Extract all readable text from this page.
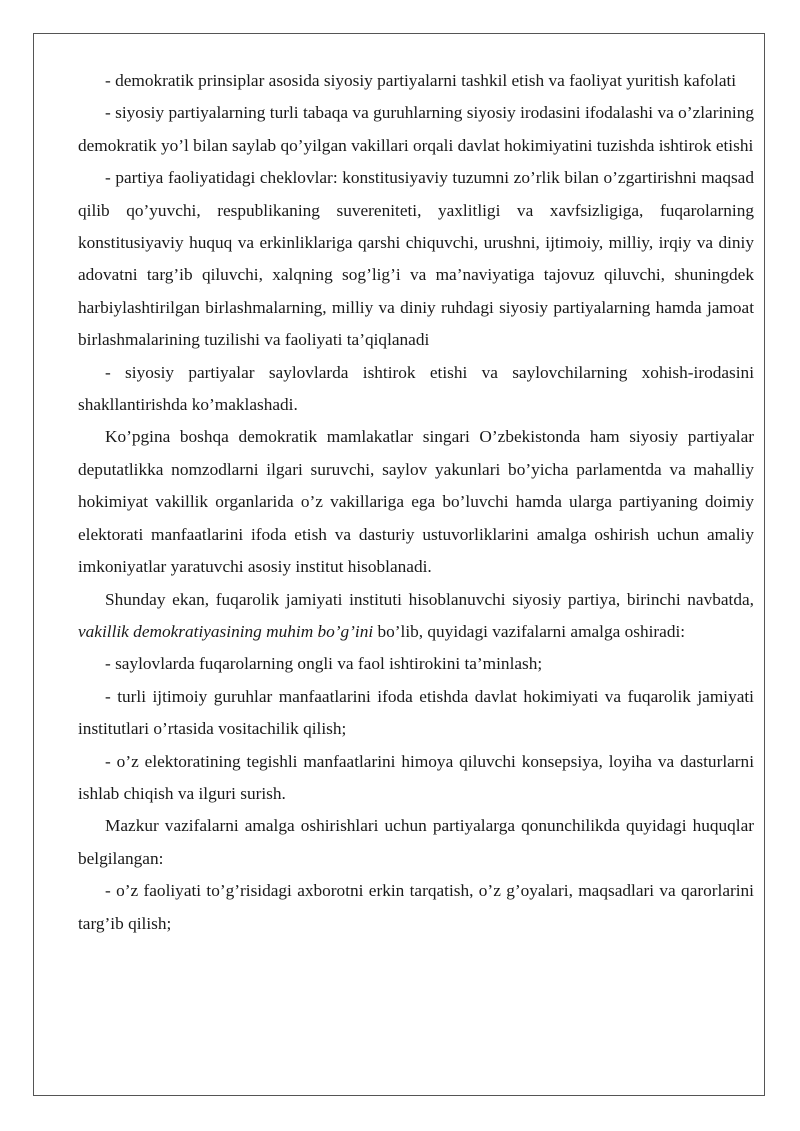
- demokratik prinsiplar asosida siyosiy partiyalarni tashkil etish va faoliyat yuritish kafolati

- siyosiy partiyalarning turli tabaqa va guruhlarning siyosiy irodasini ifodalashi va o’zlarining demokratik yo’l bilan saylab qo’yilgan vakillari orqali davlat hokimiyatini tuzishda ishtirok etishi

- partiya faoliyatidagi cheklovlar: konstitusiyaviy tuzumni zo’rlik bilan o’zgartirishni maqsad qilib qo’yuvchi, respublikaning suvereniteti, yaxlitligi va xavfsizligiga, fuqarolarning konstitusiyaviy huquq va erkinliklariga qarshi chiquvchi, urushni, ijtimoiy, milliy, irqiy va diniy adovatni targ’ib qiluvchi, xalqning sog’lig’i va ma’naviyatiga tajovuz qiluvchi, shuningdek harbiylashtirilgan birlashmalarning, milliy va diniy ruhdagi siyosiy partiyalarning hamda jamoat birlashmalarining tuzilishi va faoliyati ta’qiqlanadi

- siyosiy partiyalar saylovlarda ishtirok etishi va saylovchilarning xohish-irodasini shakllantirishda ko’maklashadi.

Ko’pgina boshqa demokratik mamlakatlar singari O’zbekistonda ham siyosiy partiyalar deputatlikka nomzodlarni ilgari suruvchi, saylov yakunlari bo’yicha parlamentda va mahalliy hokimiyat vakillik organlarida o’z vakillariga ega bo’luvchi hamda ularga partiyaning doimiy elektorati manfaatlarini ifoda etish va dasturiy ustuvorliklarini amalga oshirish uchun amaliy imkoniyatlar yaratuvchi asosiy institut hisoblanadi.

Shunday ekan, fuqarolik jamiyati instituti hisoblanuvchi siyosiy partiya, birinchi navbatda, vakillik demokratiyasining muhim bo’g’ini bo’lib, quyidagi vazifalarni amalga oshiradi:

- saylovlarda fuqarolarning ongli va faol ishtirokini ta’minlash;

- turli ijtimoiy guruhlar manfaatlarini ifoda etishda davlat hokimiyati va fuqarolik jamiyati institutlari o’rtasida vositachilik qilish;

- o’z elektoratining tegishli manfaatlarini himoya qiluvchi konsepsiya, loyiha va dasturlarni ishlab chiqish va ilguri surish.

Mazkur vazifalarni amalga oshirishlari uchun partiyalarga qonunchilikda quyidagi huquqlar belgilangan:

- o’z faoliyati to’g’risidagi axborotni erkin tarqatish, o’z g’oyalari, maqsadlari va qarorlarini targ’ib qilish;
